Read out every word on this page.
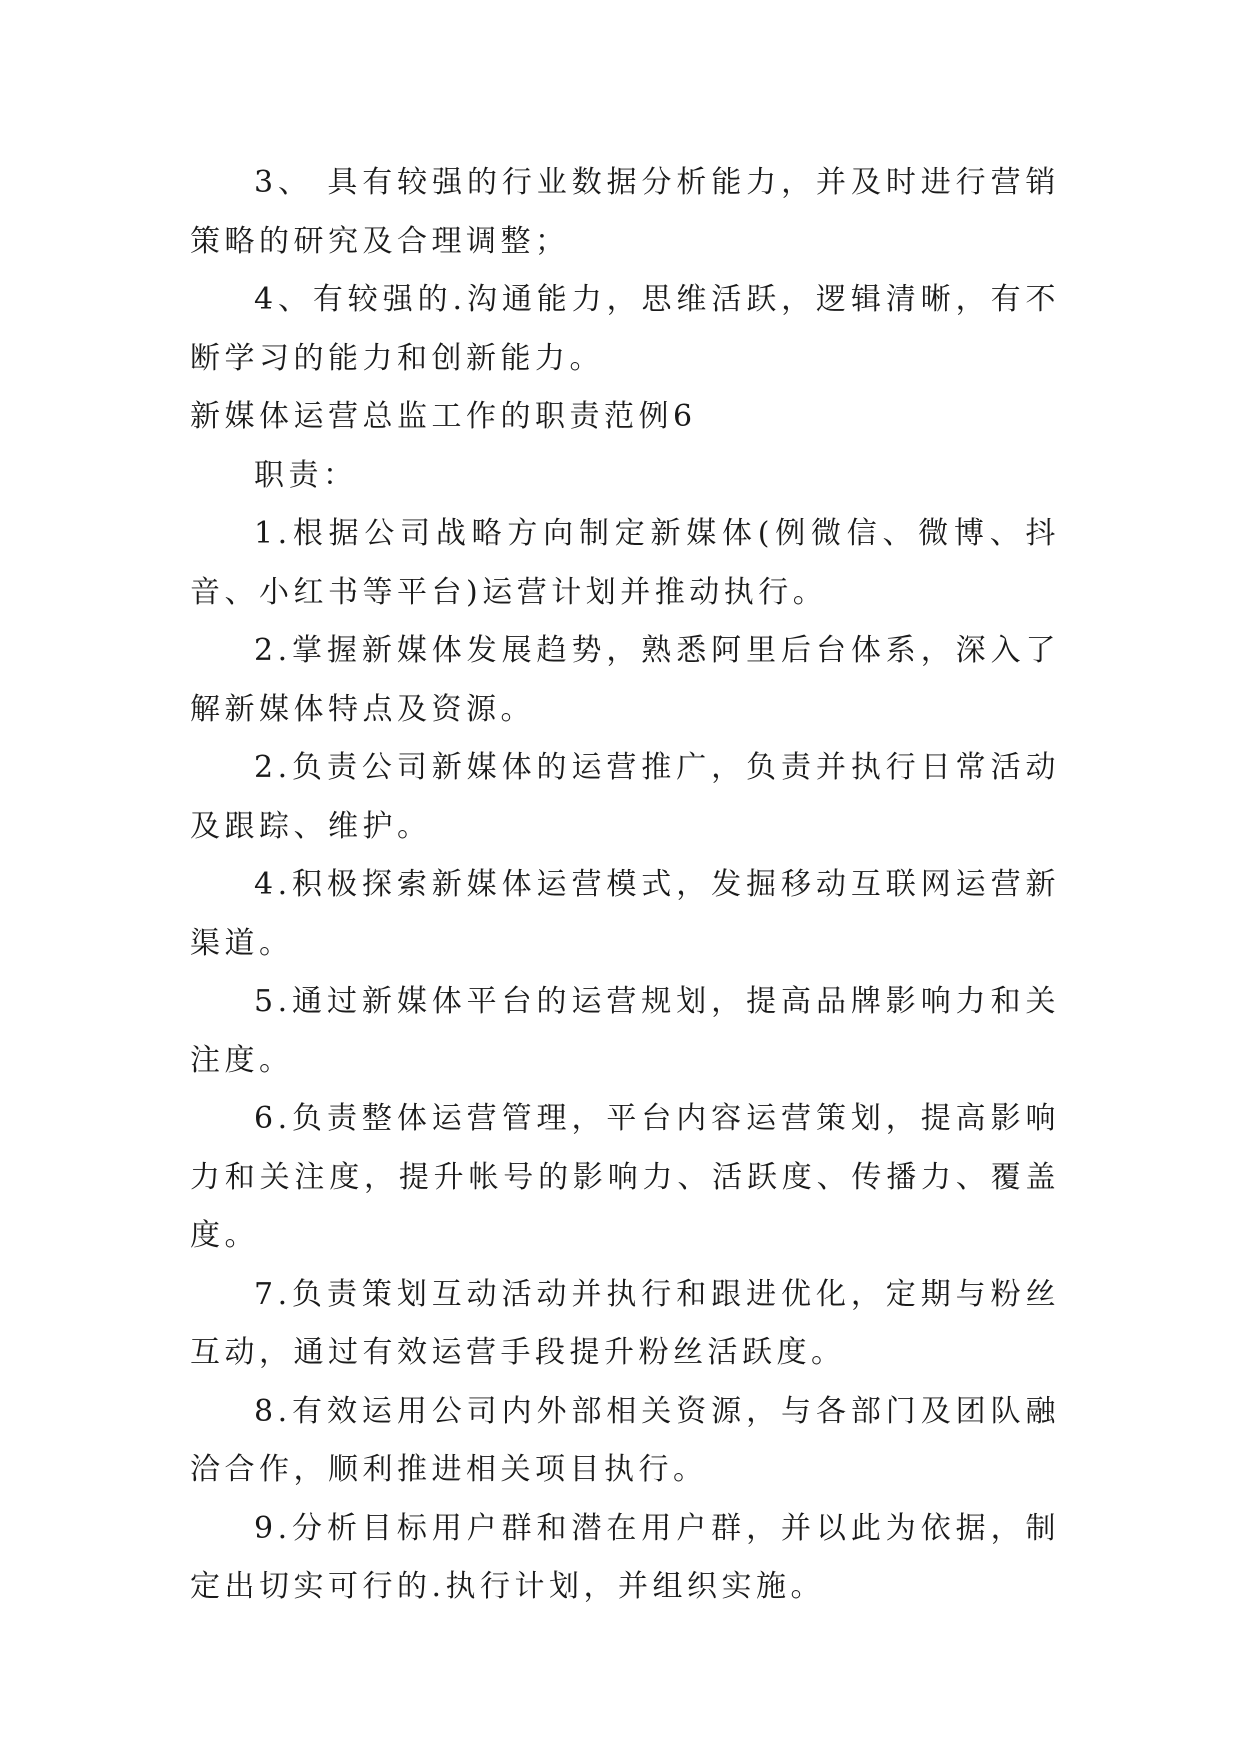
3、 具有较强的行业数据分析能力，并及时进行营销策略的研究及合理调整；

4、有较强的.沟通能力，思维活跃，逻辑清晰，有不断学习的能力和创新能力。

新媒体运营总监工作的职责范例6

职责：

1.根据公司战略方向制定新媒体(例微信、微博、抖音、小红书等平台)运营计划并推动执行。

2.掌握新媒体发展趋势，熟悉阿里后台体系，深入了解新媒体特点及资源。

2.负责公司新媒体的运营推广，负责并执行日常活动及跟踪、维护。

4.积极探索新媒体运营模式，发掘移动互联网运营新渠道。

5.通过新媒体平台的运营规划，提高品牌影响力和关注度。

6.负责整体运营管理，平台内容运营策划，提高影响力和关注度，提升帐号的影响力、活跃度、传播力、覆盖度。

7.负责策划互动活动并执行和跟进优化，定期与粉丝互动，通过有效运营手段提升粉丝活跃度。

8.有效运用公司内外部相关资源，与各部门及团队融洽合作，顺利推进相关项目执行。

9.分析目标用户群和潜在用户群，并以此为依据，制定出切实可行的.执行计划，并组织实施。
